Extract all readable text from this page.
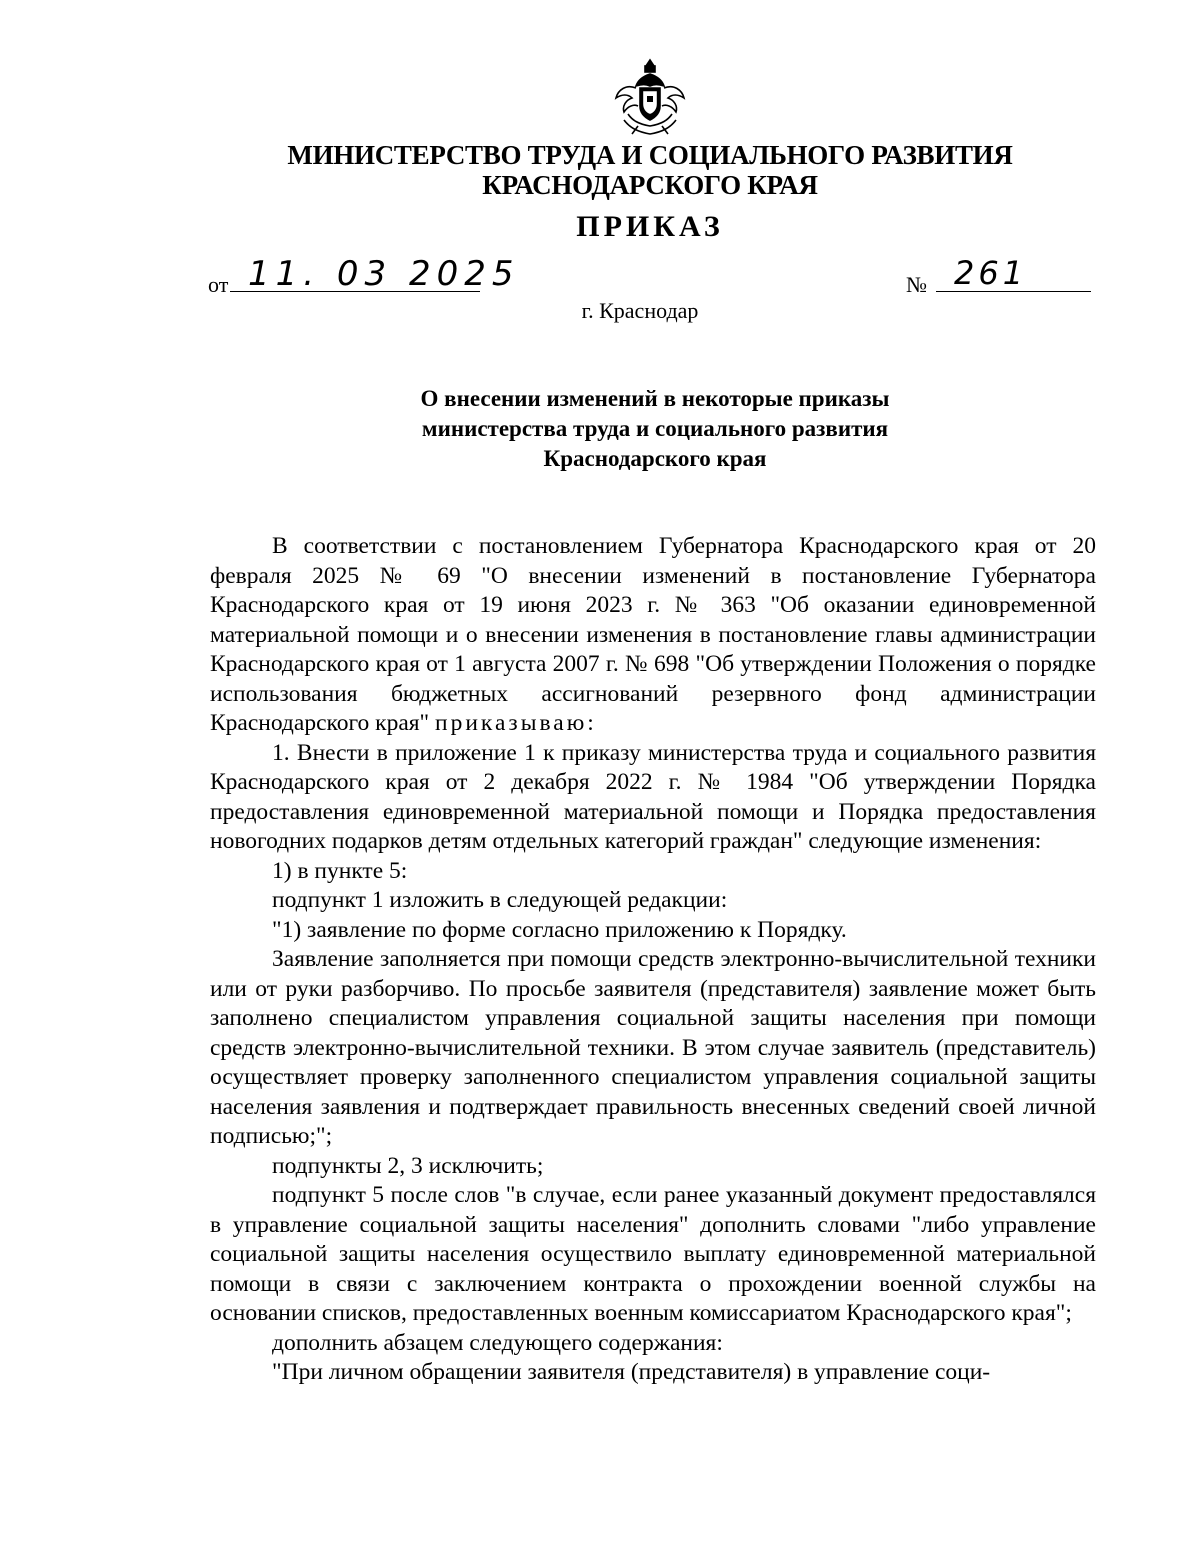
МИНИСТЕРСТВО ТРУДА И СОЦИАЛЬНОГО РАЗВИТИЯ
КРАСНОДАРСКОГО КРАЯ
ПРИКАЗ
от 11. 03 2025	№ 261
г. Краснодар
О внесении изменений в некоторые приказы
министерства труда и социального развития
Краснодарского края

В соответствии с постановлением Губернатора Краснодарского края от 20 февраля 2025 № 69 "О внесении изменений в постановление Губернатора Краснодарского края от 19 июня 2023 г. № 363 "Об оказании единовременной материальной помощи и о внесении изменения в постановление главы администрации Краснодарского края от 1 августа 2007 г. № 698 "Об утверждении Положения о порядке использования бюджетных ассигнований резервного фонд администрации Краснодарского края" приказываю:

1. Внести в приложение 1 к приказу министерства труда и социального развития Краснодарского края от 2 декабря 2022 г. № 1984 "Об утверждении Порядка предоставления единовременной материальной помощи и Порядка предоставления новогодних подарков детям отдельных категорий граждан" следующие изменения:

1) в пункте 5:

подпункт 1 изложить в следующей редакции:

"1) заявление по форме согласно приложению к Порядку.

Заявление заполняется при помощи средств электронно-вычислительной техники или от руки разборчиво. По просьбе заявителя (представителя) заявление может быть заполнено специалистом управления социальной защиты населения при помощи средств электронно-вычислительной техники. В этом случае заявитель (представитель) осуществляет проверку заполненного специалистом управления социальной защиты населения заявления и подтверждает правильность внесенных сведений своей личной подписью;";

подпункты 2, 3 исключить;

подпункт 5 после слов "в случае, если ранее указанный документ предоставлялся в управление социальной защиты населения" дополнить словами "либо управление социальной защиты населения осуществило выплату единовременной материальной помощи в связи с заключением контракта о прохождении военной службы на основании списков, предоставленных военным комиссариатом Краснодарского края";

дополнить абзацем следующего содержания:

"При личном обращении заявителя (представителя) в управление соци-
